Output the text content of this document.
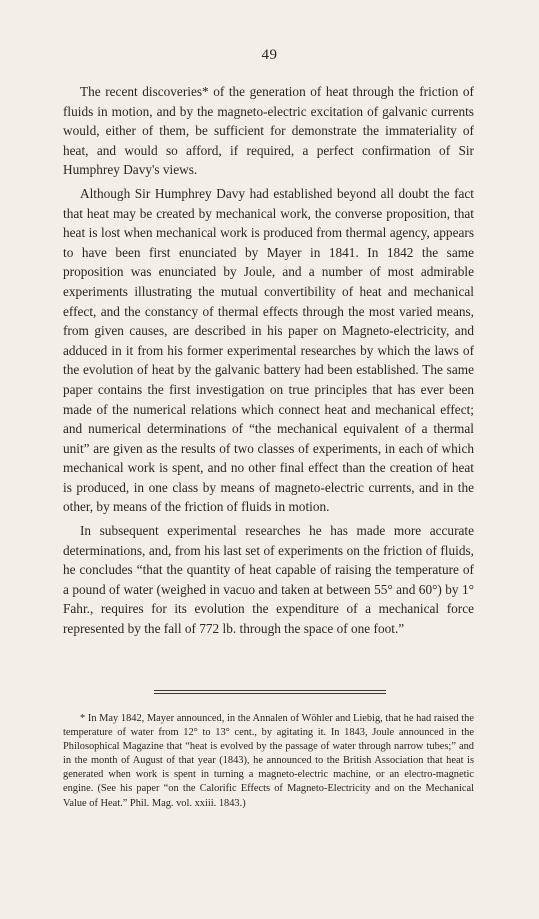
49

The recent discoveries* of the generation of heat through the friction of fluids in motion, and by the magneto-electric excitation of galvanic currents would, either of them, be sufficient for demonstrate the immateriality of heat, and would so afford, if required, a perfect confirmation of Sir Humphrey Davy's views.

Although Sir Humphrey Davy had established beyond all doubt the fact that heat may be created by mechanical work, the converse proposition, that heat is lost when mechanical work is produced from thermal agency, appears to have been first enunciated by Mayer in 1841. In 1842 the same proposition was enunciated by Joule, and a number of most admirable experiments illustrating the mutual convertibility of heat and mechanical effect, and the constancy of thermal effects through the most varied means, from given causes, are described in his paper on Magneto-electricity, and adduced in it from his former experimental researches by which the laws of the evolution of heat by the galvanic battery had been established. The same paper contains the first investigation on true principles that has ever been made of the numerical relations which connect heat and mechanical effect; and numerical determinations of “the mechanical equivalent of a thermal unit” are given as the results of two classes of experiments, in each of which mechanical work is spent, and no other final effect than the creation of heat is produced, in one class by means of magneto-electric currents, and in the other, by means of the friction of fluids in motion.

In subsequent experimental researches he has made more accurate determinations, and, from his last set of experiments on the friction of fluids, he concludes “that the quantity of heat capable of raising the temperature of a pound of water (weighed in vacuo and taken at between 55° and 60°) by 1° Fahr., requires for its evolution the expenditure of a mechanical force represented by the fall of 772 lb. through the space of one foot.”

* In May 1842, Mayer announced, in the Annalen of Wöhler and Liebig, that he had raised the temperature of water from 12° to 13° cent., by agitating it. In 1843, Joule announced in the Philosophical Magazine that “heat is evolved by the passage of water through narrow tubes;” and in the month of August of that year (1843), he announced to the British Association that heat is generated when work is spent in turning a magneto-electric machine, or an electro-magnetic engine. (See his paper “on the Calorific Effects of Magneto-Electricity and on the Mechanical Value of Heat.” Phil. Mag. vol. xxiii. 1843.)
